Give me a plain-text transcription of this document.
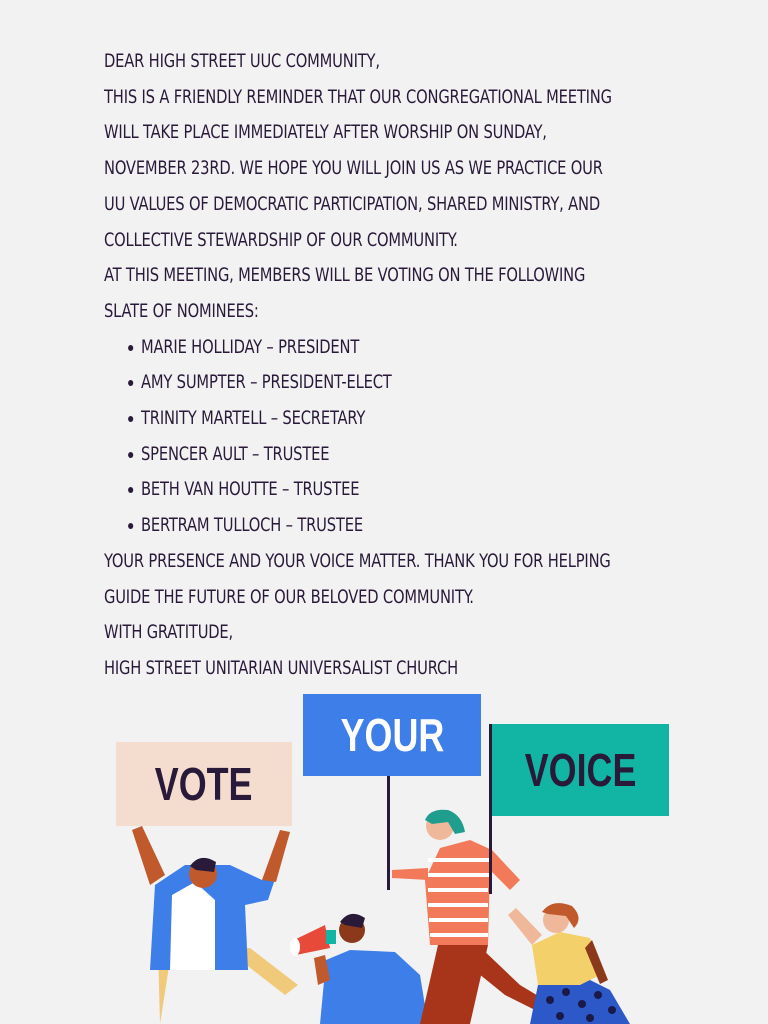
DEAR HIGH STREET UUC COMMUNITY,

THIS IS A FRIENDLY REMINDER THAT OUR CONGREGATIONAL MEETING

WILL TAKE PLACE IMMEDIATELY AFTER WORSHIP ON SUNDAY,

NOVEMBER 23RD. WE HOPE YOU WILL JOIN US AS WE PRACTICE OUR

UU VALUES OF DEMOCRATIC PARTICIPATION, SHARED MINISTRY, AND

COLLECTIVE STEWARDSHIP OF OUR COMMUNITY.

AT THIS MEETING, MEMBERS WILL BE VOTING ON THE FOLLOWING

SLATE OF NOMINEES:

MARIE HOLLIDAY – PRESIDENT
AMY SUMPTER – PRESIDENT-ELECT
TRINITY MARTELL – SECRETARY
SPENCER AULT – TRUSTEE
BETH VAN HOUTTE – TRUSTEE
BERTRAM TULLOCH – TRUSTEE

YOUR PRESENCE AND YOUR VOICE MATTER. THANK YOU FOR HELPING

GUIDE THE FUTURE OF OUR BELOVED COMMUNITY.

WITH GRATITUDE,

HIGH STREET UNITARIAN UNIVERSALIST CHURCH

VOTE
YOUR
VOICE
